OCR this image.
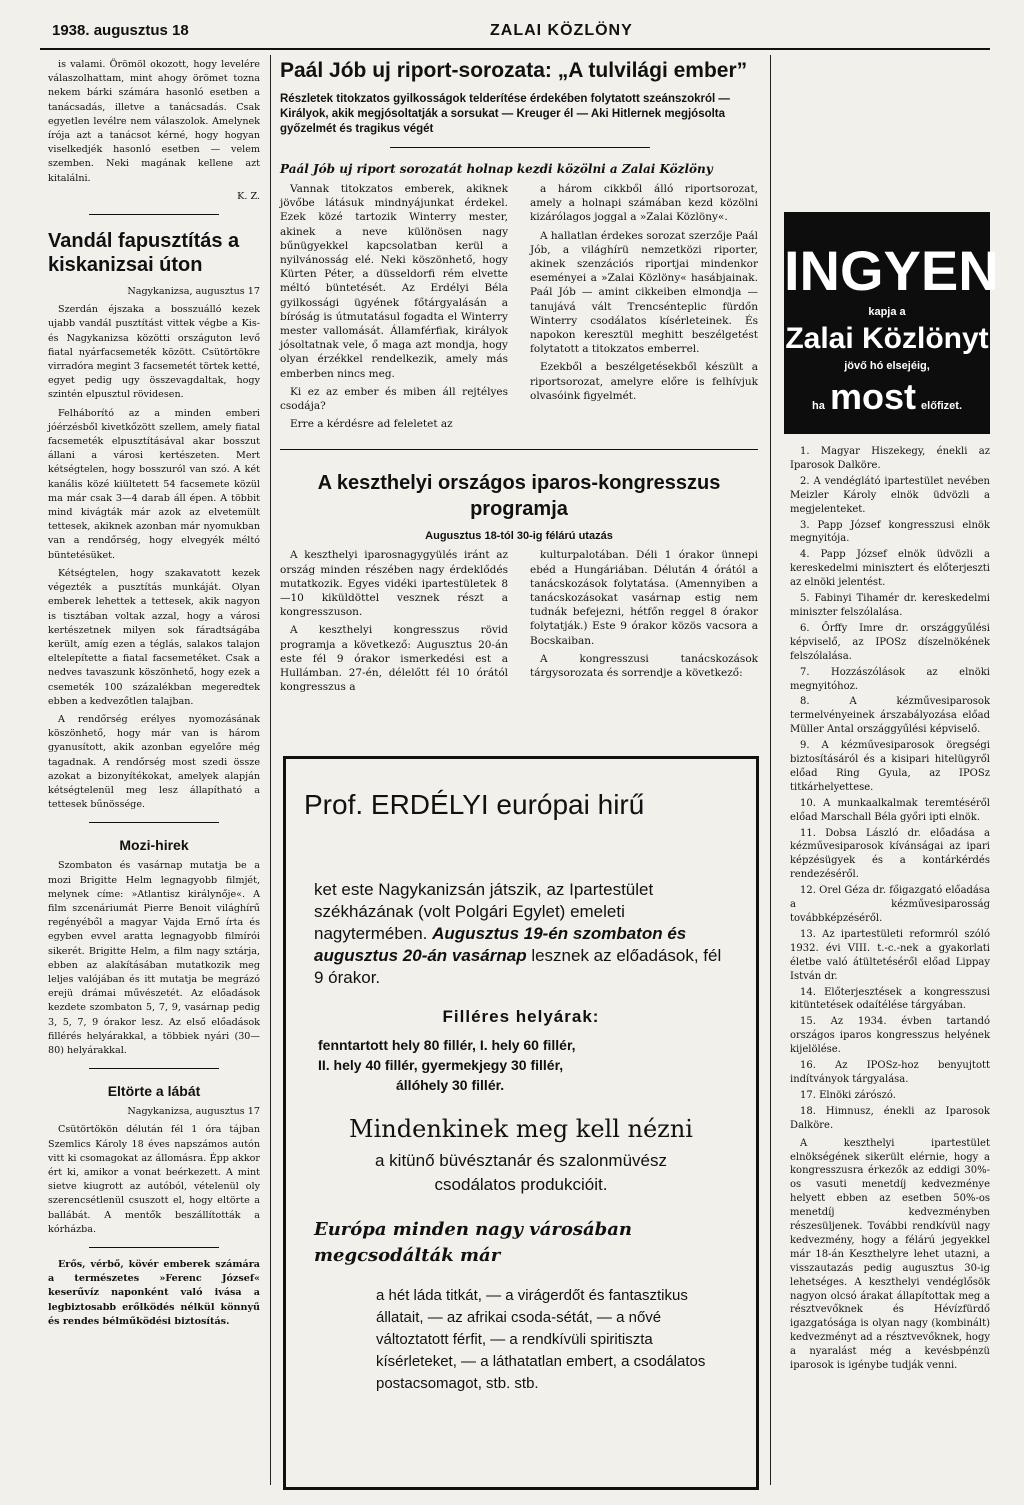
1938. augusztus 18	ZALAI KÖZLÖNY

is valami. Örömöl okozott, hogy levelére válaszolhattam, mint ahogy örömet tozna nekem bárki számára hasonló esetben a tanácsadás, illetve a tanácsadás. Csak egyetlen levélre nem válaszolok. Amelynek írója azt a tanácsot kérné, hogy hogyan viselkedjék hasonló esetben — velem szemben. Neki magának kellene azt kitalálni.

K. Z.
Vandál fapusztítás a kiskanizsai úton

Nagykanizsa, augusztus 17

Szerdán éjszaka a bosszuálló kezek ujabb vandál pusztítást vittek végbe a Kis- és Nagykanizsa közötti országuton levő fiatal nyárfacsemeték között. Csütörtökre virradóra megint 3 facsemetét törtek ketté, egyet pedig ugy összevagdaltak, hogy szintén elpusztul rövidesen.

Felháborító az a minden emberi jóérzésből kivetkőzött szellem, amely fiatal facsemeték elpusztításával akar bosszut állani a városi kertészeten. Mert kétségtelen, hogy bosszuról van szó. A két kanális közé kiültetett 54 facsemete közül ma már csak 3—4 darab áll épen. A többit mind kivágták már azok az elvetemült tettesek, akiknek azonban már nyomukban van a rendőrség, hogy elvegyék méltó büntetésüket.

Kétségtelen, hogy szakavatott kezek végezték a pusztítás munkáját. Olyan emberek lehettek a tettesek, akik nagyon is tisztában voltak azzal, hogy a városi kertészetnek milyen sok fáradtságába került, amíg ezen a téglás, salakos talajon eltelepítette a fiatal facsemetéket. Csak a nedves tavaszunk köszönhető, hogy ezek a csemeték 100 százalékban megeredtek ebben a kedvezőtlen talajban.

A rendőrség erélyes nyomozásának köszönhető, hogy már van is három gyanusított, akik azonban egyelőre még tagadnak. A rendőrség most szedi össze azokat a bizonyítékokat, amelyek alapján kétségtelenül meg lesz állapítható a tettesek bűnössége.

Mozi-hirek

Szombaton és vasárnap mutatja be a mozi Brigitte Helm legnagyobb filmjét, melynek címe: »Atlantisz királynője«. A film szcenáriumát Pierre Benoit világhírű regényéből a magyar Vajda Ernő írta és egyben evvel aratta legnagyobb filmírói sikerét. Brigitte Helm, a film nagy sztárja, ebben az alakításában mutatkozik meg leljes valójában és itt mutatja be megrázó erejü drámai művészetét. Az előadások kezdete szombaton 5, 7, 9, vasárnap pedig 3, 5, 7, 9 órakor lesz. Az első előadások fillérés helyárakkal, a többiek nyári (30—80) helyárakkal.

Eltörte a lábát

Nagykanizsa, augusztus 17

Csütörtökön délután fél 1 óra tájban Szemlics Károly 18 éves napszámos autón vitt ki csomagokat az állomásra. Épp akkor ért ki, amikor a vonat beérkezett. A mint sietve kiugrott az autóból, vételenül oly szerencsétlenül csuszott el, hogy eltörte a ballábát. A mentők beszállították a kórházba.

Erős, vérbő, kövér emberek számára a természetes »Ferenc József« keserűvíz naponként való ivása a legbiztosabb erőlködés nélkül könnyű és rendes bélműködési biztosítás.

Paál Jób uj riport-sorozata: „A tulvilági ember”

Részletek titokzatos gyilkosságok telderítése érdekében folytatott szeánszokról — Királyok, akik megjósoltatják a sorsukat — Kreuger él — Aki Hitlernek megjósolta győzelmét és tragikus végét

Paál Jób uj riport sorozatát holnap kezdi közölni a Zalai Közlöny

Vannak titokzatos emberek, akiknek jövőbe látásuk mindnyájunkat érdekel. Ezek közé tartozik Winterry mester, akinek a neve különösen nagy bűnügyekkel kapcsolatban kerül a nyilvánosság elé. Neki köszönhető, hogy Kürten Péter, a düsseldorfi rém elvette méltó büntetését. Az Erdélyi Béla gyilkossági ügyének főtárgyalásán a bíróság is útmutatásul fogadta el Winterry mester vallomását. Államférfiak, királyok jósoltatnak vele, ő maga azt mondja, hogy olyan érzékkel rendelkezik, amely más emberben nincs meg.

Ki ez az ember és miben áll rejtélyes csodája?

Erre a kérdésre ad feleletet az

a három cikkből álló riportsorozat, amely a holnapi számában kezd közölni kizárólagos joggal a »Zalai Közlöny«.

A hallatlan érdekes sorozat szerzője Paál Jób, a világhírü nemzetközi riporter, akinek szenzációs riportjai mindenkor eseményei a »Zalai Közlöny« hasábjainak. Paál Jób — amint cikkeiben elmondja — tanujává vált Trencsénteplic fürdőn Winterry csodálatos kísérleteinek. És napokon keresztül meghitt beszélgetést folytatott a titokzatos emberrel.

Ezekből a beszélgetésekből készült a riportsorozat, amelyre előre is felhívjuk olvasóink figyelmét.

A keszthelyi országos iparos-kongresszus programja
Augusztus 18-tól 30-ig félárú utazás

A keszthelyi iparosnagygyülés iránt az ország minden részében nagy érdeklődés mutatkozik. Egyes vidéki ipartestületek 8—10 kiküldöttel vesznek részt a kongresszuson.

A keszthelyi kongresszus rövid programja a következő: Augusztus 20-án este fél 9 órakor ismerkedési est a Hullámban. 27-én, délelőtt fél 10 órától kongresszus a

kulturpalotában. Déli 1 órakor ünnepi ebéd a Hungáriában. Délután 4 órától a tanácskozások folytatása. (Amennyiben a tanácskozásokat vasárnap estig nem tudnák befejezni, hétfőn reggel 8 órakor folytatják.) Este 9 órakor közös vacsora a Bocskaiban.

A kongresszusi tanácskozások tárgysorozata és sorrendje a következő:

INGYEN
kapja a
Zalai Közlönyt
jövő hó elsejéig,
ha most előfizet.
1. Magyar Hiszekegy, énekli az Iparosok Dalköre.
2. A vendéglátó ipartestület nevében Meizler Károly elnök üdvözli a megjelenteket.
3. Papp József kongresszusi elnök megnyitója.
4. Papp József elnök üdvözli a kereskedelmi minisztert és előterjeszti az elnöki jelentést.
5. Fabinyi Tihamér dr. kereskedelmi miniszter felszólalása.
6. Őrffy Imre dr. országgyűlési képviselő, az IPOSz díszelnökének felszólalása.
7. Hozzászólások az elnöki megnyitóhoz.
8. A kézművesiparosok termelvényeinek árszabályozása előad Müller Antal országgyűlési képviselő.
9. A kézművesiparosok öregségi biztosításáról és a kisipari hitelügyről előad Ring Gyula, az IPOSz titkárhelyettese.
10. A munkaalkalmak teremtéséről előad Marschall Béla győri ipti elnök.
11. Dobsa László dr. előadása a kézművesiparosok kívánságai az ipari képzésügyek és a kontárkérdés rendezéséről.
12. Orel Géza dr. főigazgató előadása a kézművesiparosság továbbképzéséről.
13. Az ipartestületi reformról szóló 1932. évi VIII. t.-c.-nek a gyakorlati életbe való átültetéséről előad Lippay István dr.
14. Előterjesztések a kongresszusi kitüntetések odaítélése tárgyában.
15. Az 1934. évben tartandó országos iparos kongresszus helyének kijelölése.
16. Az IPOSz-hoz benyujtott indítványok tárgyalása.
17. Elnöki zárószó.
18. Himnusz, énekli az Iparosok Dalköre.

A keszthelyi ipartestület elnökségének sikerült elérnie, hogy a kongresszusra érkezők az eddigi 30%-os vasuti menetdíj kedvezménye helyett ebben az esetben 50%-os menetdíj kedvezményben részesüljenek. További rendkívül nagy kedvezmény, hogy a félárú jegyekkel már 18-án Keszthelyre lehet utazni, a visszautazás pedig augusztus 30-ig lehetséges. A keszthelyi vendéglősök nagyon olcsó árakat állapítottak meg a résztvevőknek és Hévízfürdő igazgatósága is olyan nagy (kombinált) kedvezményt ad a résztvevőknek, hogy a nyaralást még a kevésbpénzü iparosok is igénybe tudják venni.

Prof. ERDÉLYI európai hirű
ket este Nagykanizsán játszik, az Ipartestület székházának (volt Polgári Egylet) emeleti nagytermében. Augusztus 19-én szombaton és augusztus 20-án vasárnap lesznek az előadások, fél 9 órakor.
Filléres helyárak:
fenntartott hely 80 fillér, I. hely 60 fillér,
II. hely 40 fillér, gyermekjegy 30 fillér,
állóhely 30 fillér.
Mindenkinek meg kell nézni
a kitünő büvésztanár és szalonmüvész
csodálatos produkcióit.
Európa minden nagy városában megcsodálták már
a hét láda titkát, — a virágerdőt és fantasztikus állatait, — az afrikai csoda-sétát, — a nővé változtatott férfit, — a rendkívüli spiritiszta kísérleteket, — a láthatatlan embert, a csodálatos postacsomagot, stb. stb.
